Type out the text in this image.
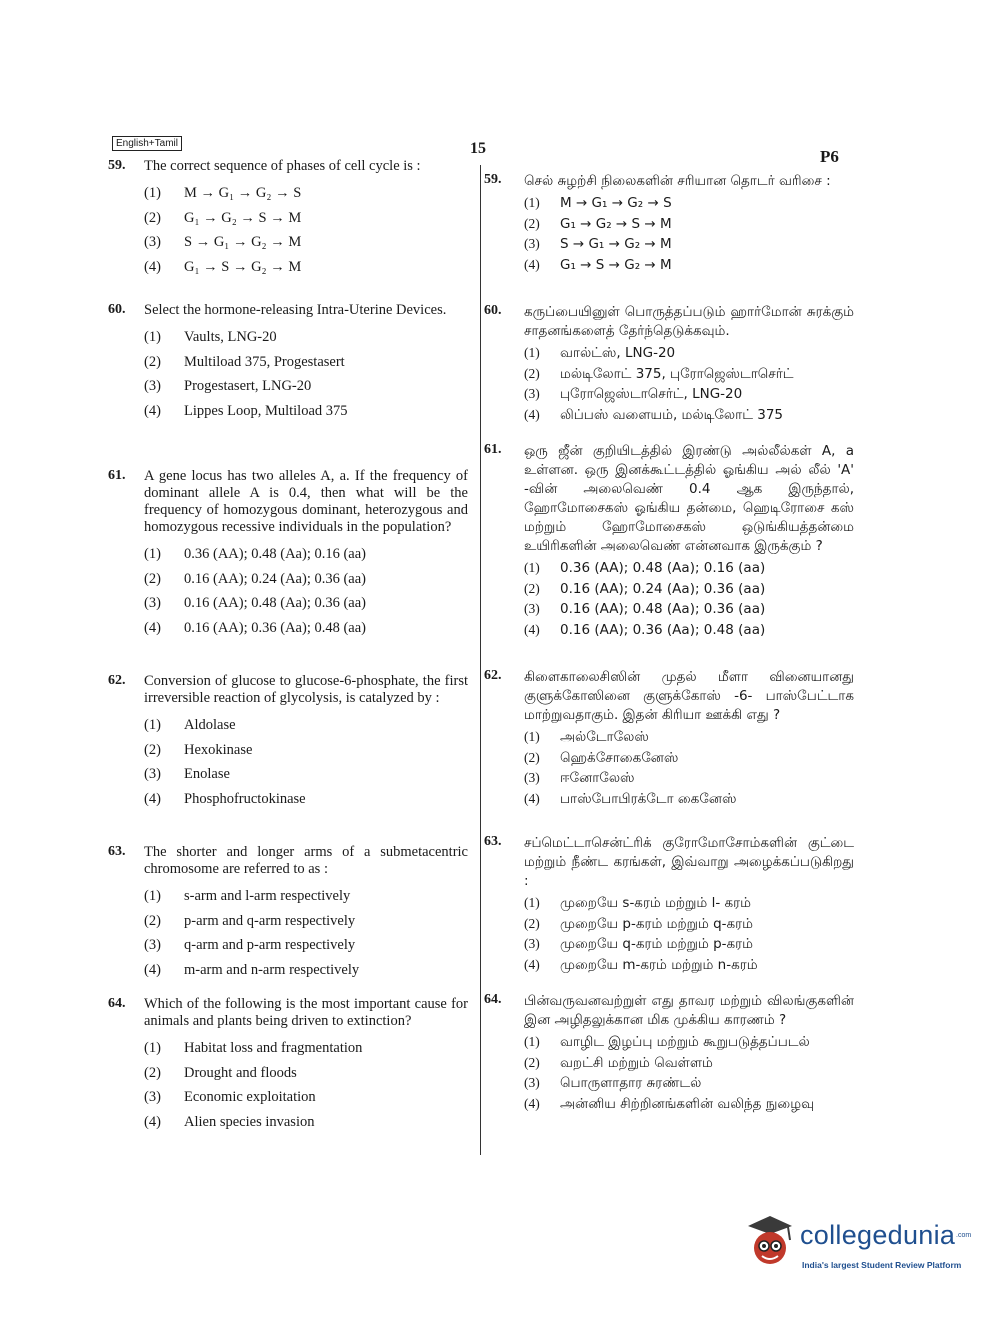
English+Tamil	15	P6
59. The correct sequence of phases of cell cycle is :
(1)	M → G₁ → G₂ → S
(2)	G₁ → G₂ → S → M
(3)	S → G₁ → G₂ → M
(4)	G₁ → S → G₂ → M
60. Select the hormone-releasing Intra-Uterine Devices.
(1)	Vaults, LNG-20
(2)	Multiload 375, Progestasert
(3)	Progestasert, LNG-20
(4)	Lippes Loop, Multiload 375
61. A gene locus has two alleles A, a. If the frequency of dominant allele A is 0.4, then what will be the frequency of homozygous dominant, heterozygous and homozygous recessive individuals in the population?
(1)	0.36 (AA); 0.48 (Aa); 0.16 (aa)
(2)	0.16 (AA); 0.24 (Aa); 0.36 (aa)
(3)	0.16 (AA); 0.48 (Aa); 0.36 (aa)
(4)	0.16 (AA); 0.36 (Aa); 0.48 (aa)
62. Conversion of glucose to glucose-6-phosphate, the first irreversible reaction of glycolysis, is catalyzed by :
(1)	Aldolase
(2)	Hexokinase
(3)	Enolase
(4)	Phosphofructokinase
63. The shorter and longer arms of a submetacentric chromosome are referred to as :
(1)	s-arm and l-arm respectively
(2)	p-arm and q-arm respectively
(3)	q-arm and p-arm respectively
(4)	m-arm and n-arm respectively
64. Which of the following is the most important cause for animals and plants being driven to extinction?
(1)	Habitat loss and fragmentation
(2)	Drought and floods
(3)	Economic exploitation
(4)	Alien species invasion
59. செல் சுழற்சி நிலைகளின் சரியான தொடர் வரிசை :
(1)	M → G₁ → G₂ → S
(2)	G₁ → G₂ → S → M
(3)	S → G₁ → G₂ → M
(4)	G₁ → S → G₂ → M
60. கருப்பையினுள் பொருத்தப்படும் ஹார்மோன் சுரக்கும் சாதனங்களைத் தேர்ந்தெடுக்கவும்.
(1)	வால்ட்ஸ், LNG-20
(2)	மல்டிலோட் 375, புரோஜெஸ்டாசெர்ட்
(3)	புரோஜெஸ்டாசெர்ட், LNG-20
(4)	லிப்பஸ் வளையம், மல்டிலோட் 375
61. ஒரு ஜீன் குறியிடத்தில் இரண்டு அல்லீல்கள் A, a உள்ளன. ஒரு இனக்கூட்டத்தில் ஓங்கிய அல் லீல் 'A' -வின் அலைவெண் 0.4 ஆக இருந்தால், ஹோமோசைகஸ் ஓங்கிய தன்மை, ஹெடிரோசை கஸ் மற்றும் ஹோமோசைகஸ் ஒடுங்கியத்தன்மை உயிரிகளின் அலைவெண் என்னவாக இருக்கும் ?
(1)	0.36 (AA); 0.48 (Aa); 0.16 (aa)
(2)	0.16 (AA); 0.24 (Aa); 0.36 (aa)
(3)	0.16 (AA); 0.48 (Aa); 0.36 (aa)
(4)	0.16 (AA); 0.36 (Aa); 0.48 (aa)
62. கிளைகாலைசிஸின் முதல் மீளா வினையானது குளுக்கோஸினை குளுக்கோஸ் -6- பாஸ்பேட்டாக மாற்றுவதாகும். இதன் கிரியா ஊக்கி எது ?
(1)	அல்டோலேஸ்
(2)	ஹெக்சோகைனேஸ்
(3)	ஈனோலேஸ்
(4)	பாஸ்போபிரக்டோ கைனேஸ்
63. சப்மெட்டாசென்ட்ரிக் குரோமோசோம்களின் குட்டை மற்றும் நீண்ட கரங்கள், இவ்வாறு அழைக்கப்படுகிறது :
(1)	முறையே s-கரம் மற்றும் l- கரம்
(2)	முறையே p-கரம் மற்றும் q-கரம்
(3)	முறையே q-கரம் மற்றும் p-கரம்
(4)	முறையே m-கரம் மற்றும் n-கரம்
64. பின்வருவனவற்றுள் எது தாவர மற்றும் விலங்குகளின் இன அழிதலுக்கான மிக முக்கிய காரணம் ?
(1)	வாழிட இழப்பு மற்றும் கூறுபடுத்தப்படல்
(2)	வறட்சி மற்றும் வெள்ளம்
(3)	பொருளாதார சுரண்டல்
(4)	அன்னிய சிற்றினங்களின் வலிந்த நுழைவு
collegedunia .com
India's largest Student Review Platform
